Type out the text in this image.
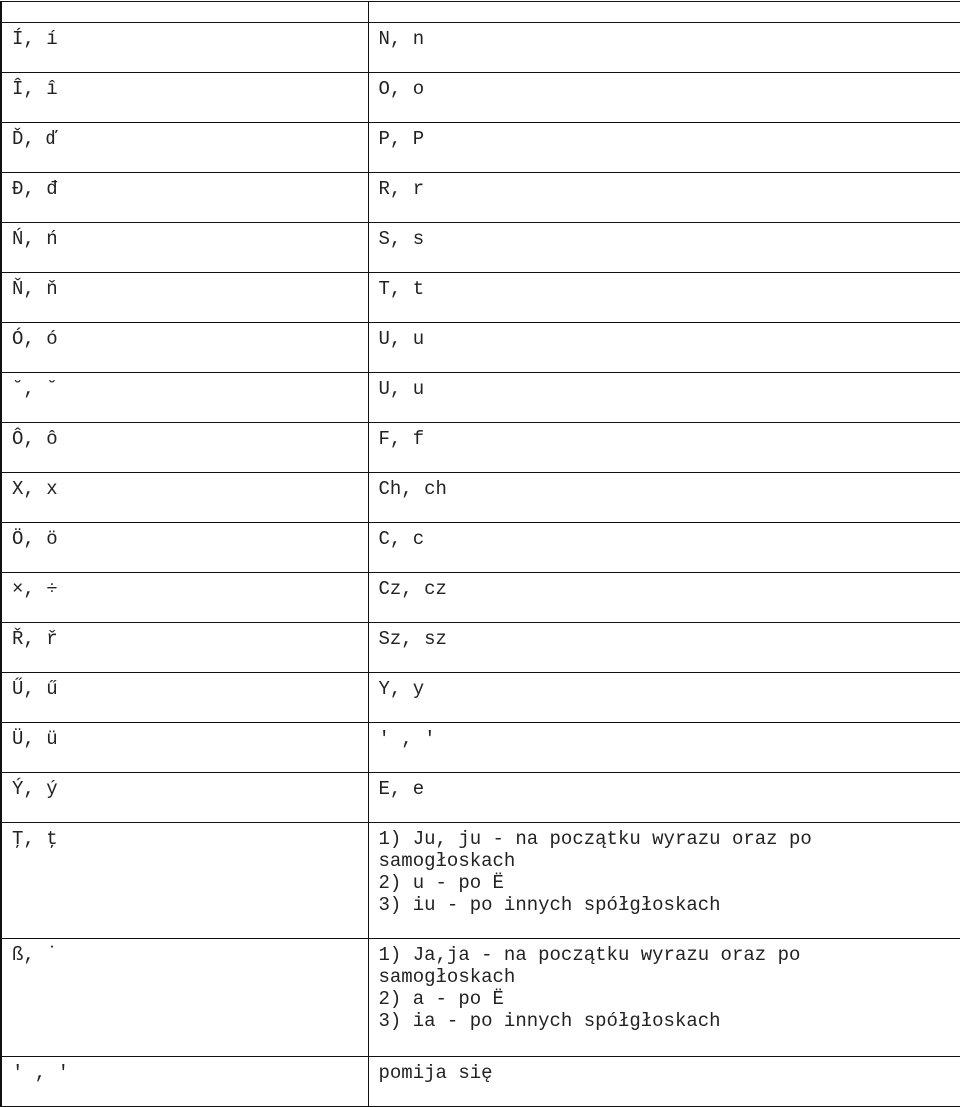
Í, í	N, n
Î, î	O, o
Ď, ď	P, P
Đ, đ	R, r
Ń, ń	S, s
Ň, ň	T, t
Ó, ó	U, u
˘, ˘	U, u
Ô, ô	F, f
X, x	Ch, ch
Ö, ö	C, c
×, ÷	Cz, cz
Ř, ř	Sz, sz
Ű, ű	Y, y
Ü, ü	′ , ′
Ý, ý	E, e
Ţ, ţ	1) Ju, ju - na początku wyrazu oraz po
samogłoskach
2) u - po Ë
3) iu - po innych spółgłoskach
ß, ˙	1) Ja,ja - na początku wyrazu oraz po
samogłoskach
2) a - po Ë
3) ia - po innych spółgłoskach
′ , ′	pomija się
